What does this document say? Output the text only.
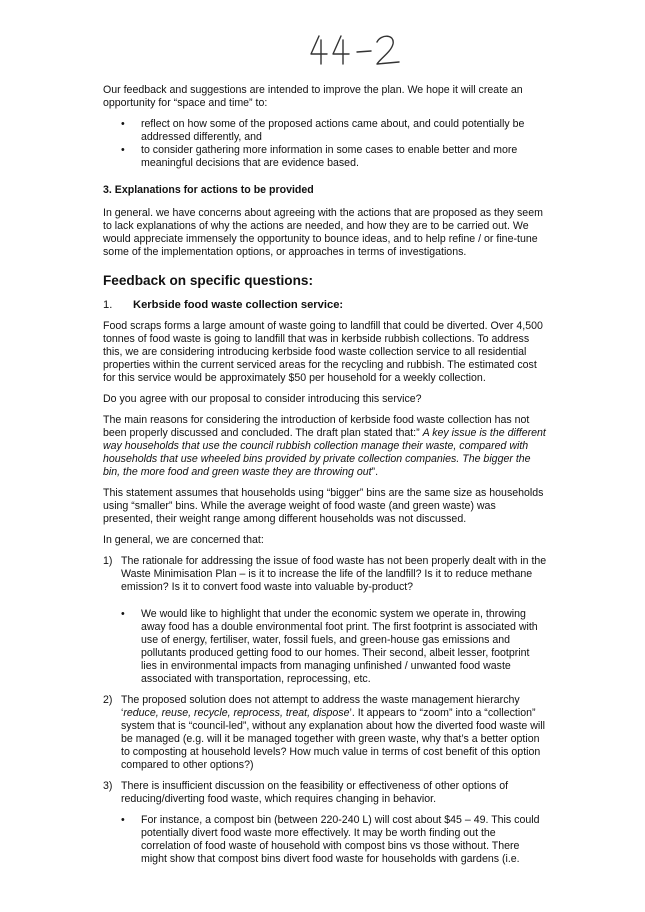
Our feedback and suggestions are intended to improve the plan. We hope it will create an opportunity for “space and time” to:

• reflect on how some of the proposed actions came about, and could potentially be addressed differently, and
• to consider gathering more information in some cases to enable better and more meaningful decisions that are evidence based.
3. Explanations for actions to be provided

In general. we have concerns about agreeing with the actions that are proposed as they seem to lack explanations of why the actions are needed, and how they are to be carried out. We would appreciate immensely the opportunity to bounce ideas, and to help refine / or fine-tune some of the implementation options, or approaches in terms of investigations.

Feedback on specific questions:
1. Kerbside food waste collection service:

Food scraps forms a large amount of waste going to landfill that could be diverted. Over 4,500 tonnes of food waste is going to landfill that was in kerbside rubbish collections. To address this, we are considering introducing kerbside food waste collection service to all residential properties within the current serviced areas for the recycling and rubbish. The estimated cost for this service would be approximately $50 per household for a weekly collection.

Do you agree with our proposal to consider introducing this service?

The main reasons for considering the introduction of kerbside food waste collection has not been properly discussed and concluded. The draft plan stated that:” A key issue is the different way households that use the council rubbish collection manage their waste, compared with households that use wheeled bins provided by private collection companies. The bigger the bin, the more food and green waste they are throwing out”.

This statement assumes that households using “bigger” bins are the same size as households using “smaller” bins. While the average weight of food waste (and green waste) was presented, their weight range among different households was not discussed.

In general, we are concerned that:

1) The rationale for addressing the issue of food waste has not been properly dealt with in the Waste Minimisation Plan – is it to increase the life of the landfill? Is it to reduce methane emission? Is it to convert food waste into valuable by-product?
• We would like to highlight that under the economic system we operate in, throwing away food has a double environmental foot print. The first footprint is associated with use of energy, fertiliser, water, fossil fuels, and green-house gas emissions and pollutants produced getting food to our homes. Their second, albeit lesser, footprint lies in environmental impacts from managing unfinished / unwanted food waste associated with transportation, reprocessing, etc.
2) The proposed solution does not attempt to address the waste management hierarchy ‘reduce, reuse, recycle, reprocess, treat, dispose’. It appears to “zoom” into a “collection” system that is “council-led”, without any explanation about how the diverted food waste will be managed (e.g. will it be managed together with green waste, why that’s a better option to composting at household levels? How much value in terms of cost benefit of this option compared to other options?)
3) There is insufficient discussion on the feasibility or effectiveness of other options of reducing/diverting food waste, which requires changing in behavior.
• For instance, a compost bin (between 220-240 L) will cost about $45 – 49. This could potentially divert food waste more effectively. It may be worth finding out the correlation of food waste of household with compost bins vs those without. There might show that compost bins divert food waste for households with gardens (i.e.
